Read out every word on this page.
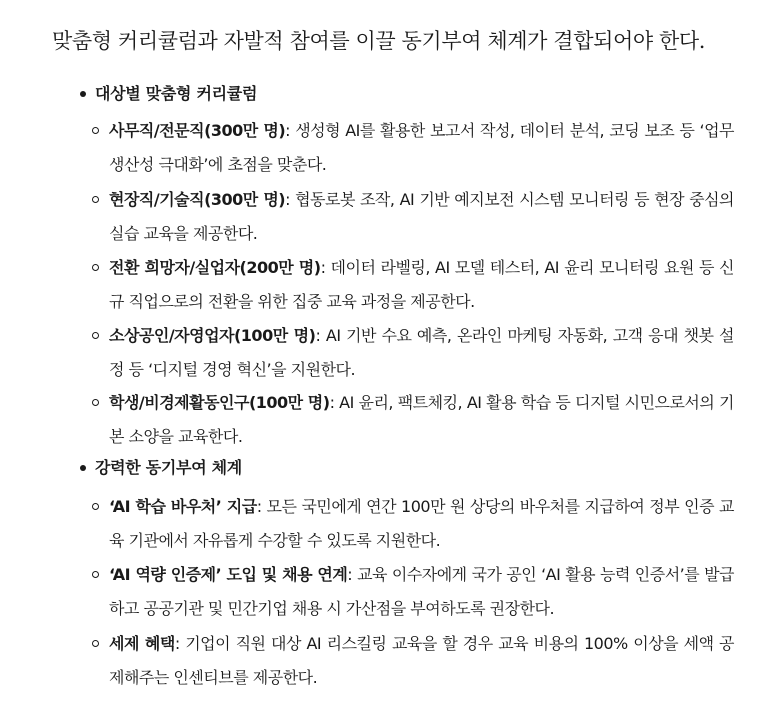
맞춤형 커리큘럼과 자발적 참여를 이끌 동기부여 체계가 결합되어야 한다.
대상별 맞춤형 커리큘럼
사무직/전문직(300만 명): 생성형 AI를 활용한 보고서 작성, 데이터 분석, 코딩 보조 등 ‘업무 생산성 극대화’에 초점을 맞춘다.
현장직/기술직(300만 명): 협동로봇 조작, AI 기반 예지보전 시스템 모니터링 등 현장 중심의 실습 교육을 제공한다.
전환 희망자/실업자(200만 명): 데이터 라벨링, AI 모델 테스터, AI 윤리 모니터링 요원 등 신규 직업으로의 전환을 위한 집중 교육 과정을 제공한다.
소상공인/자영업자(100만 명): AI 기반 수요 예측, 온라인 마케팅 자동화, 고객 응대 챗봇 설정 등 ‘디지털 경영 혁신’을 지원한다.
학생/비경제활동인구(100만 명): AI 윤리, 팩트체킹, AI 활용 학습 등 디지털 시민으로서의 기본 소양을 교육한다.
강력한 동기부여 체계
‘AI 학습 바우처’ 지급: 모든 국민에게 연간 100만 원 상당의 바우처를 지급하여 정부 인증 교육 기관에서 자유롭게 수강할 수 있도록 지원한다.
‘AI 역량 인증제’ 도입 및 채용 연계: 교육 이수자에게 국가 공인 ‘AI 활용 능력 인증서’를 발급하고 공공기관 및 민간기업 채용 시 가산점을 부여하도록 권장한다.
세제 혜택: 기업이 직원 대상 AI 리스킬링 교육을 할 경우 교육 비용의 100% 이상을 세액 공제해주는 인센티브를 제공한다.
